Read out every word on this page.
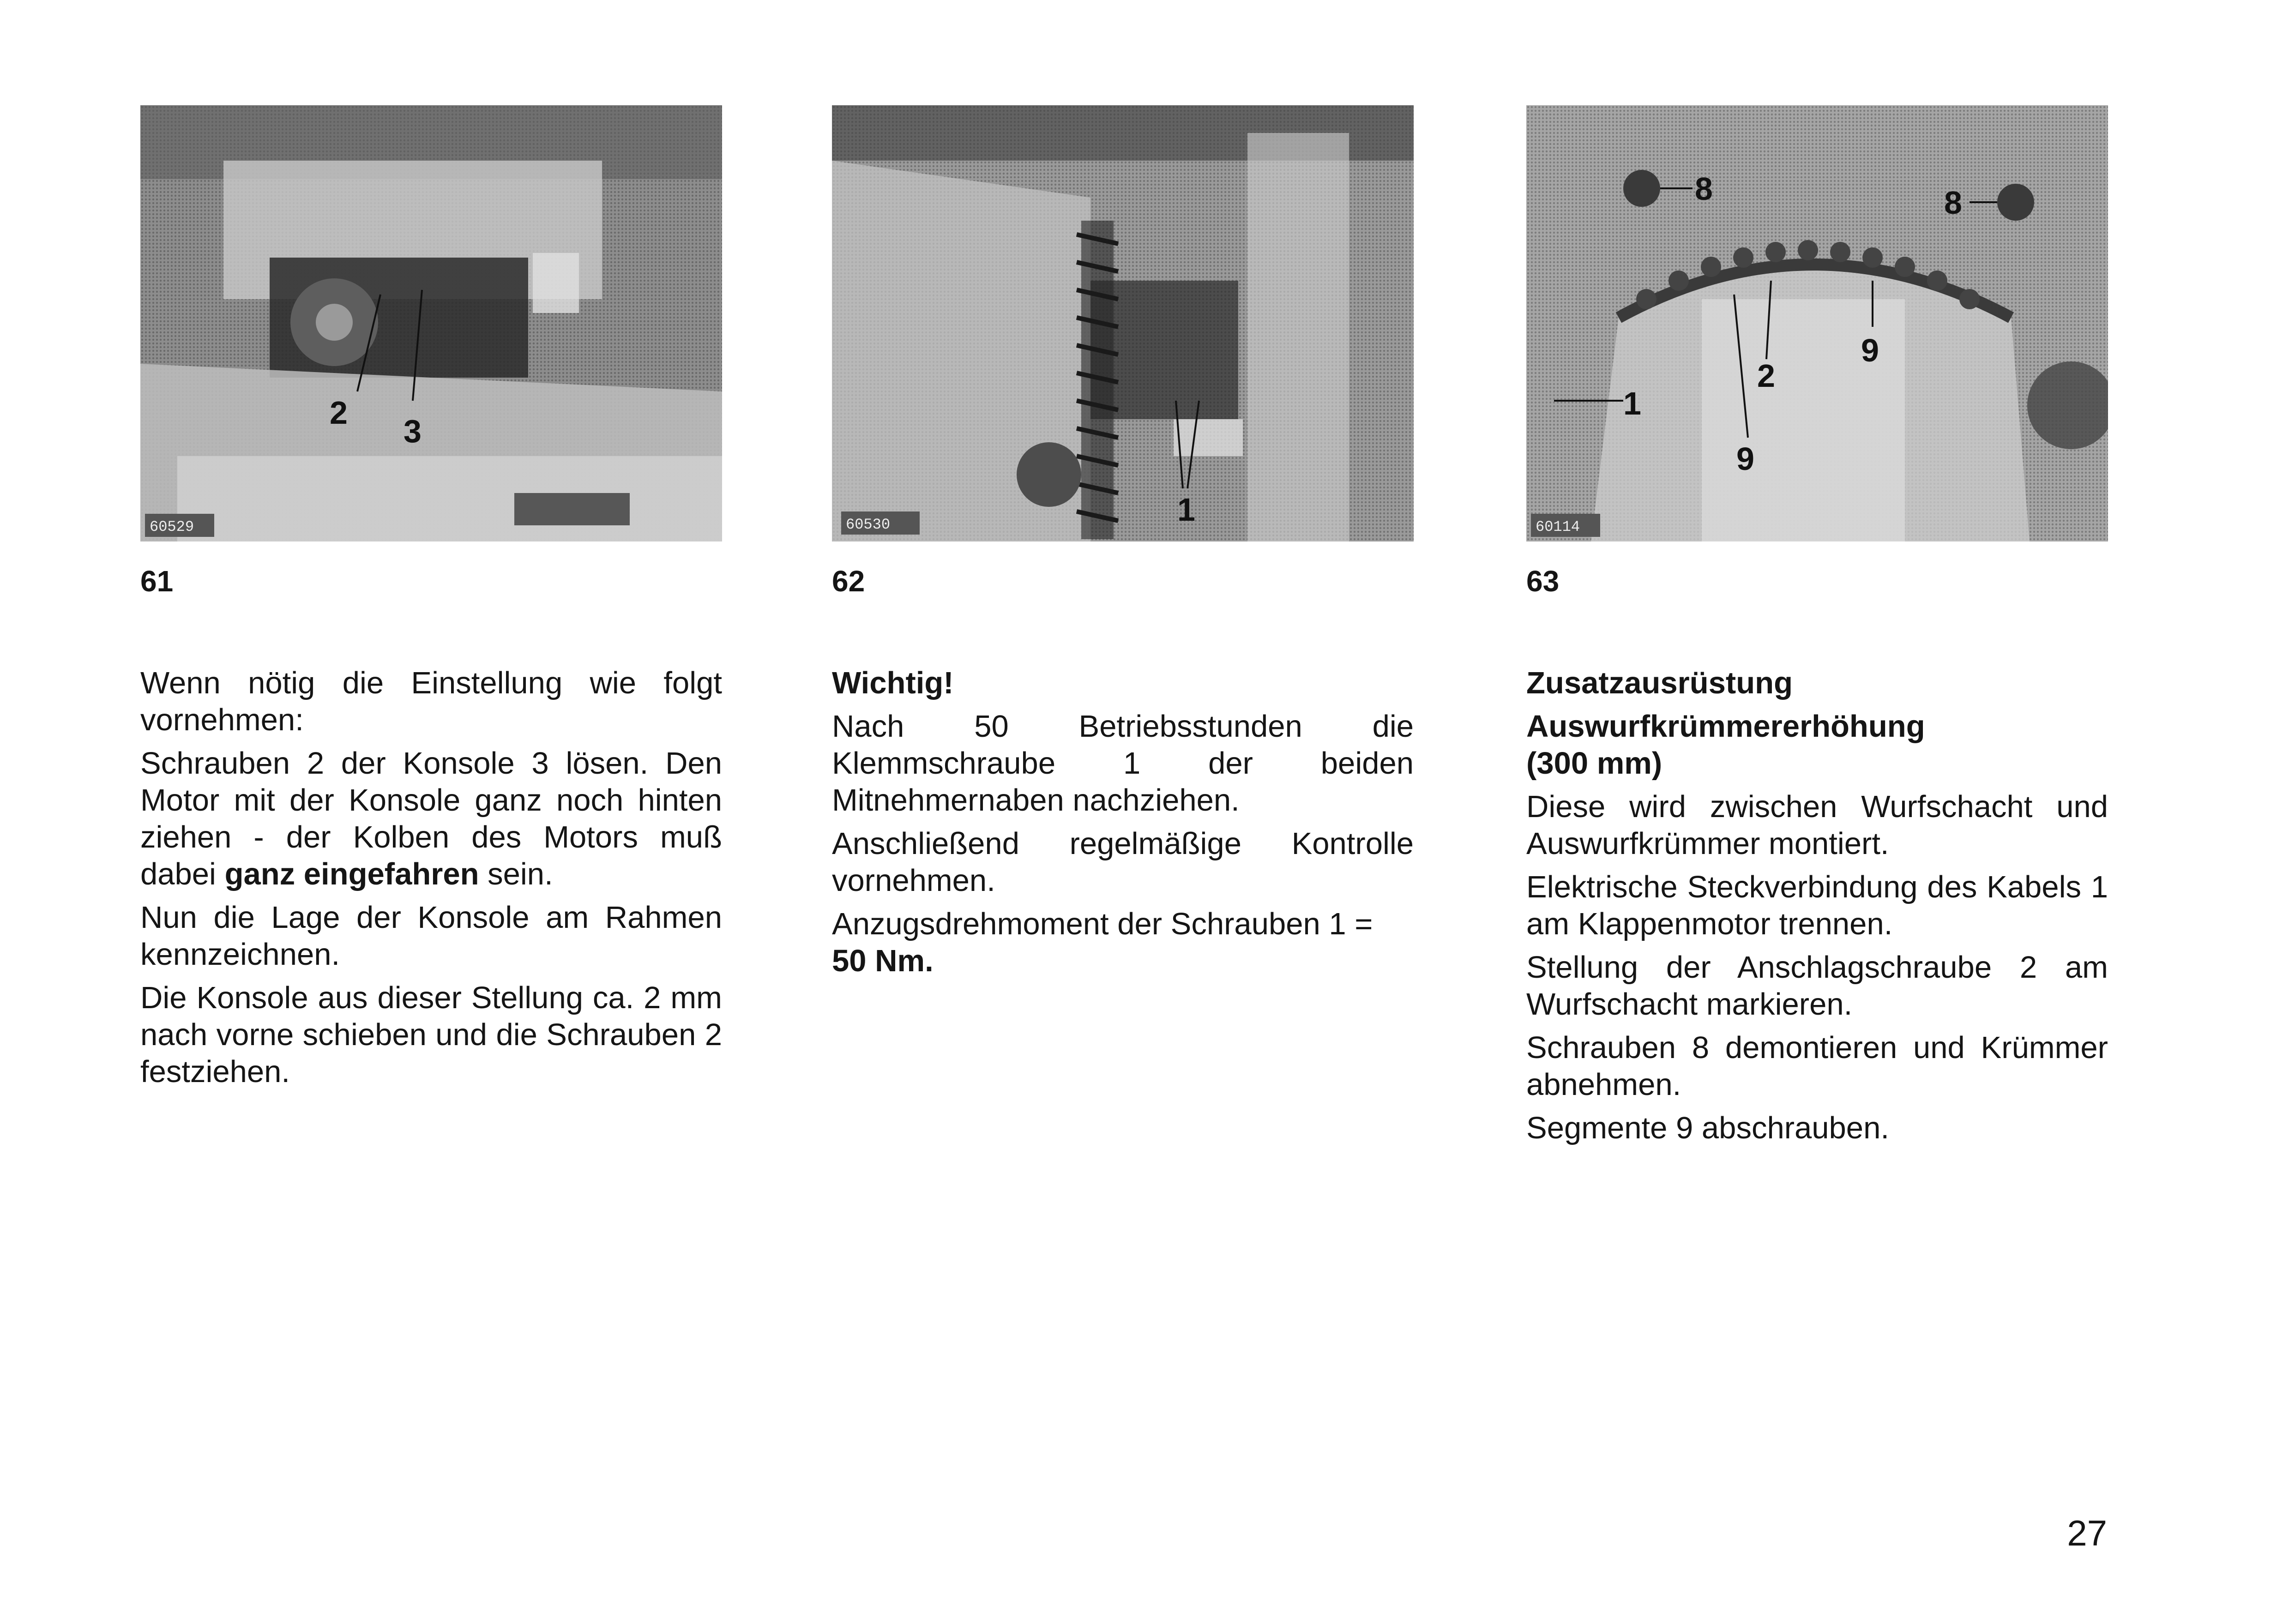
2
3
60529
61

Wenn nötig die Einstellung wie folgt vornehmen:

Schrauben 2 der Konsole 3 lösen. Den Motor mit der Konsole ganz noch hinten ziehen - der Kolben des Motors muß dabei ganz eingefahren sein.

Nun die Lage der Konsole am Rahmen kennzeichnen.

Die Konsole aus dieser Stellung ca. 2 mm nach vorne schieben und die Schrauben 2 festziehen.

1
60530
62

Wichtig!

Nach 50 Betriebsstunden die Klemmschraube 1 der beiden Mitnehmernaben nachziehen.

Anschließend regelmäßige Kontrolle vornehmen.

Anzugsdrehmoment der Schrauben 1 = 50 Nm.

8	8
1
2
9
9
60114
63

Zusatzausrüstung

Auswurfkrümmererhöhung
(300 mm)

Diese wird zwischen Wurfschacht und Auswurfkrümmer montiert.

Elektrische Steckverbindung des Kabels 1 am Klappenmotor trennen.

Stellung der Anschlagschraube 2 am Wurfschacht markieren.

Schrauben 8 demontieren und Krümmer abnehmen.

Segmente 9 abschrauben.

27
